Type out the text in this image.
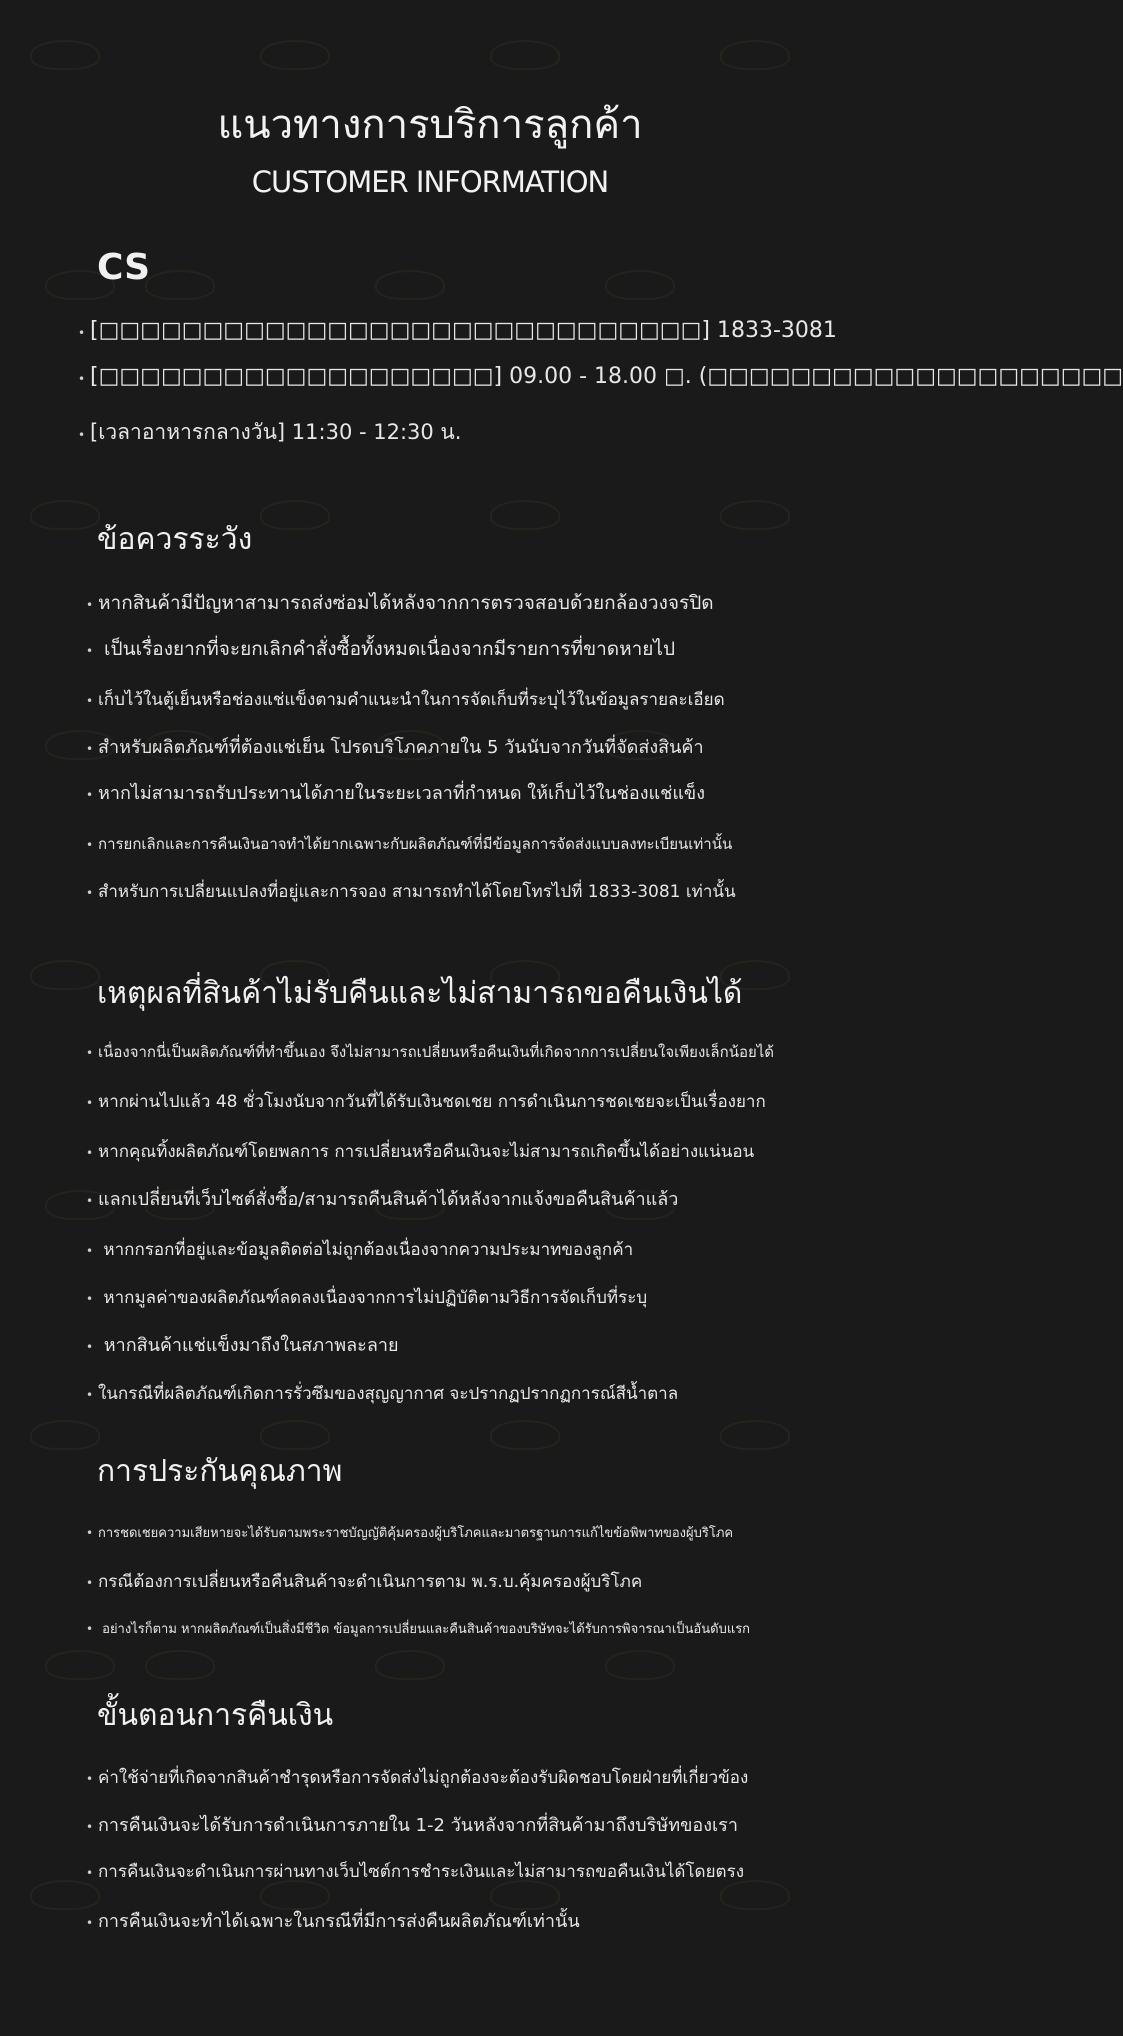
แนวทางการบริการลูกค้า
CUSTOMER INFORMATION
CS
• [□□□□□□□□□□□□□□□□□□□□□□□□□□□□□] 1833-3081
• [□□□□□□□□□□□□□□□□□□□] 09.00 - 18.00 □. (□□□□□□□□□□□□□□□□□□□□
• [เวลาอาหารกลางวัน] 11:30 - 12:30 น.
ข้อควรระวัง
• หากสินค้ามีปัญหาสามารถส่งซ่อมได้หลังจากการตรวจสอบด้วยกล้องวงจรปิด
• เป็นเรื่องยากที่จะยกเลิกคำสั่งซื้อทั้งหมดเนื่องจากมีรายการที่ขาดหายไป
• เก็บไว้ในตู้เย็นหรือช่องแช่แข็งตามคำแนะนำในการจัดเก็บที่ระบุไว้ในข้อมูลรายละเอียด
• สำหรับผลิตภัณฑ์ที่ต้องแช่เย็น โปรดบริโภคภายใน 5 วันนับจากวันที่จัดส่งสินค้า
• หากไม่สามารถรับประทานได้ภายในระยะเวลาที่กำหนด ให้เก็บไว้ในช่องแช่แข็ง
• การยกเลิกและการคืนเงินอาจทำได้ยากเฉพาะกับผลิตภัณฑ์ที่มีข้อมูลการจัดส่งแบบลงทะเบียนเท่านั้น
• สำหรับการเปลี่ยนแปลงที่อยู่และการจอง สามารถทำได้โดยโทรไปที่ 1833-3081 เท่านั้น
เหตุผลที่สินค้าไม่รับคืนและไม่สามารถขอคืนเงินได้
• เนื่องจากนี่เป็นผลิตภัณฑ์ที่ทำขึ้นเอง จึงไม่สามารถเปลี่ยนหรือคืนเงินที่เกิดจากการเปลี่ยนใจเพียงเล็กน้อยได้
• หากผ่านไปแล้ว 48 ชั่วโมงนับจากวันที่ได้รับเงินชดเชย การดำเนินการชดเชยจะเป็นเรื่องยาก
• หากคุณทิ้งผลิตภัณฑ์โดยพลการ การเปลี่ยนหรือคืนเงินจะไม่สามารถเกิดขึ้นได้อย่างแน่นอน
• แลกเปลี่ยนที่เว็บไซต์สั่งซื้อ/สามารถคืนสินค้าได้หลังจากแจ้งขอคืนสินค้าแล้ว
• หากกรอกที่อยู่และข้อมูลติดต่อไม่ถูกต้องเนื่องจากความประมาทของลูกค้า
• หากมูลค่าของผลิตภัณฑ์ลดลงเนื่องจากการไม่ปฏิบัติตามวิธีการจัดเก็บที่ระบุ
• หากสินค้าแช่แข็งมาถึงในสภาพละลาย
• ในกรณีที่ผลิตภัณฑ์เกิดการรั่วซึมของสุญญากาศ จะปรากฏปรากฏการณ์สีน้ำตาล
การประกันคุณภาพ
• การชดเชยความเสียหายจะได้รับตามพระราชบัญญัติคุ้มครองผู้บริโภคและมาตรฐานการแก้ไขข้อพิพาทของผู้บริโภค
• กรณีต้องการเปลี่ยนหรือคืนสินค้าจะดำเนินการตาม พ.ร.บ.คุ้มครองผู้บริโภค
• อย่างไรก็ตาม หากผลิตภัณฑ์เป็นสิ่งมีชีวิต ข้อมูลการเปลี่ยนและคืนสินค้าของบริษัทจะได้รับการพิจารณาเป็นอันดับแรก
ขั้นตอนการคืนเงิน
• ค่าใช้จ่ายที่เกิดจากสินค้าชำรุดหรือการจัดส่งไม่ถูกต้องจะต้องรับผิดชอบโดยฝ่ายที่เกี่ยวข้อง
• การคืนเงินจะได้รับการดำเนินการภายใน 1-2 วันหลังจากที่สินค้ามาถึงบริษัทของเรา
• การคืนเงินจะดำเนินการผ่านทางเว็บไซต์การชำระเงินและไม่สามารถขอคืนเงินได้โดยตรง
• การคืนเงินจะทำได้เฉพาะในกรณีที่มีการส่งคืนผลิตภัณฑ์เท่านั้น
